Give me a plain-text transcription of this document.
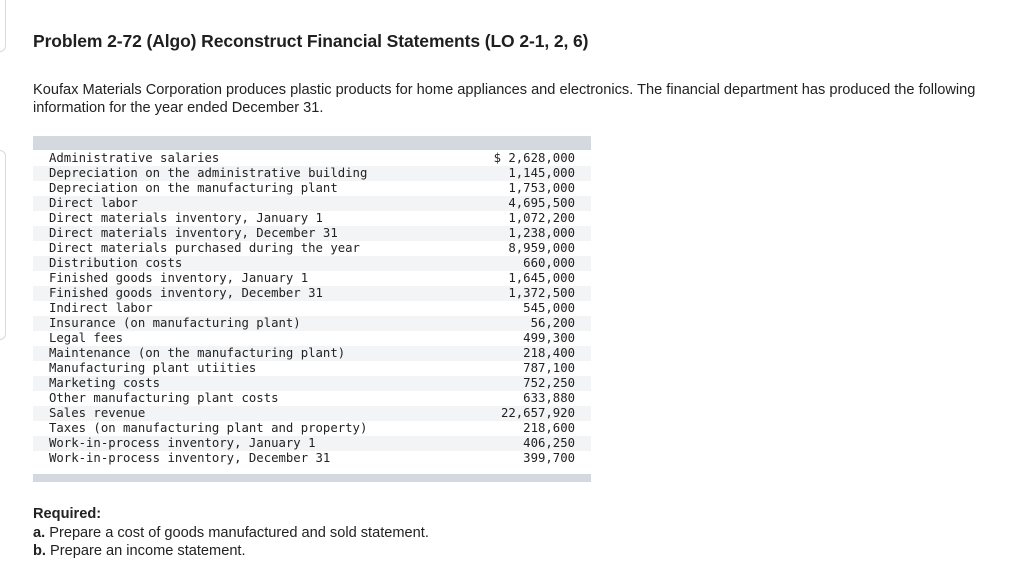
Problem 2-72 (Algo) Reconstruct Financial Statements (LO 2-1, 2, 6)

Koufax Materials Corporation produces plastic products for home appliances and electronics. The financial department has produced the following information for the year ended December 31.

Administrative salaries	$ 2,628,000
Depreciation on the administrative building	1,145,000
Depreciation on the manufacturing plant	1,753,000
Direct labor	4,695,500
Direct materials inventory, January 1	1,072,200
Direct materials inventory, December 31	1,238,000
Direct materials purchased during the year	8,959,000
Distribution costs	660,000
Finished goods inventory, January 1	1,645,000
Finished goods inventory, December 31	1,372,500
Indirect labor	545,000
Insurance (on manufacturing plant)	56,200
Legal fees	499,300
Maintenance (on the manufacturing plant)	218,400
Manufacturing plant utiities	787,100
Marketing costs	752,250
Other manufacturing plant costs	633,880
Sales revenue	22,657,920
Taxes (on manufacturing plant and property)	218,600
Work-in-process inventory, January 1	406,250
Work-in-process inventory, December 31	399,700
Required:
a. Prepare a cost of goods manufactured and sold statement.
b. Prepare an income statement.
